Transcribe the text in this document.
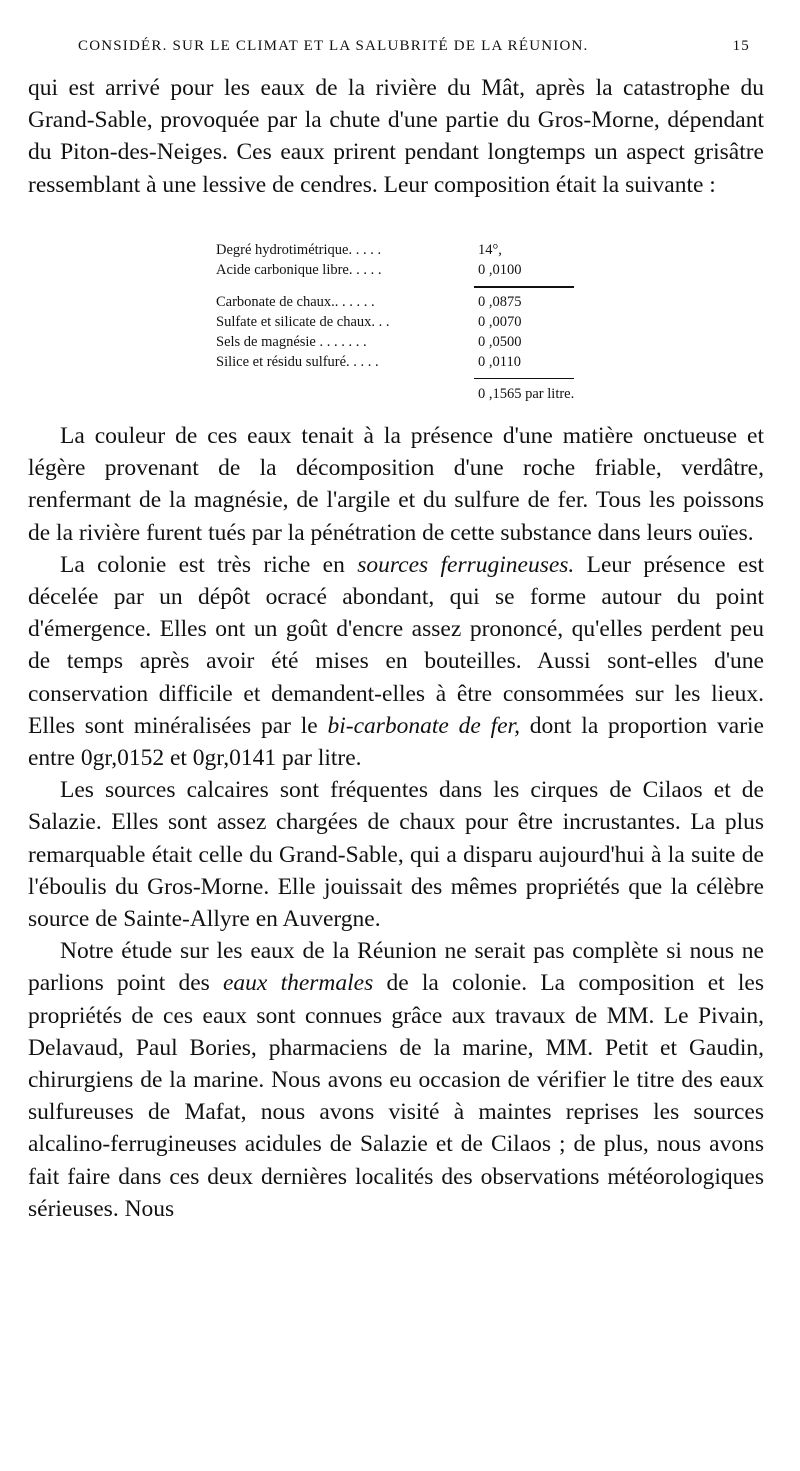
CONSIDÉR. SUR LE CLIMAT ET LA SALUBRITÉ DE LA RÉUNION.	15

qui est arrivé pour les eaux de la rivière du Mât, après la catastrophe du Grand-Sable, provoquée par la chute d'une partie du Gros-Morne, dépendant du Piton-des-Neiges. Ces eaux prirent pendant longtemps un aspect grisâtre ressemblant à une lessive de cendres. Leur composition était la suivante :

Degré hydrotimétrique. . . . .	14°,
Acide carbonique libre. . . . .	0 ,0100
Carbonate de chaux.. . . . . .	0 ,0875
Sulfate et silicate de chaux. . .	0 ,0070
Sels de magnésie . . . . . . .	0 ,0500
Silice et résidu sulfuré. . . . .	0 ,0110
0 ,1565 par litre.

La couleur de ces eaux tenait à la présence d'une matière onctueuse et légère provenant de la décomposition d'une roche friable, verdâtre, renfermant de la magnésie, de l'argile et du sulfure de fer. Tous les poissons de la rivière furent tués par la pénétration de cette substance dans leurs ouïes.

La colonie est très riche en sources ferrugineuses. Leur présence est décelée par un dépôt ocracé abondant, qui se forme autour du point d'émergence. Elles ont un goût d'encre assez prononcé, qu'elles perdent peu de temps après avoir été mises en bouteilles. Aussi sont-elles d'une conservation difficile et demandent-elles à être consommées sur les lieux. Elles sont minéralisées par le bi-carbonate de fer, dont la proportion varie entre 0gr,0152 et 0gr,0141 par litre.

Les sources calcaires sont fréquentes dans les cirques de Cilaos et de Salazie. Elles sont assez chargées de chaux pour être incrustantes. La plus remarquable était celle du Grand-Sable, qui a disparu aujourd'hui à la suite de l'éboulis du Gros-Morne. Elle jouissait des mêmes propriétés que la célèbre source de Sainte-Allyre en Auvergne.

Notre étude sur les eaux de la Réunion ne serait pas complète si nous ne parlions point des eaux thermales de la colonie. La composition et les propriétés de ces eaux sont connues grâce aux travaux de MM. Le Pivain, Delavaud, Paul Bories, pharmaciens de la marine, MM. Petit et Gaudin, chirurgiens de la marine. Nous avons eu occasion de vérifier le titre des eaux sulfureuses de Mafat, nous avons visité à maintes reprises les sources alcalino-ferrugineuses acidules de Salazie et de Cilaos ; de plus, nous avons fait faire dans ces deux dernières localités des observations météorologiques sérieuses. Nous
